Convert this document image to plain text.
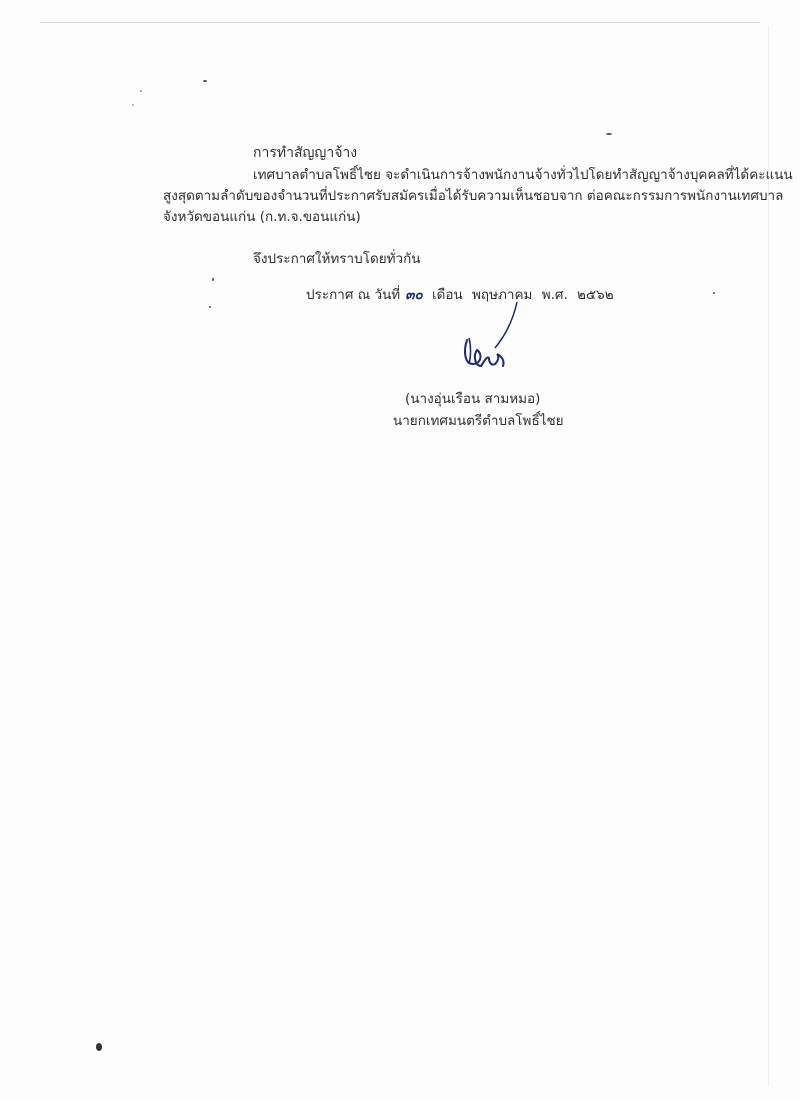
การทำสัญญาจ้าง
เทศบาลตำบลโพธิ์ไชย จะดำเนินการจ้างพนักงานจ้างทั่วไปโดยทำสัญญาจ้างบุคคลที่ได้คะแนน
สูงสุดตามลำดับของจำนวนที่ประกาศรับสมัครเมื่อได้รับความเห็นชอบจาก ต่อคณะกรรมการพนักงานเทศบาล
จังหวัดขอนแก่น (ก.ท.จ.ขอนแก่น)
จึงประกาศให้ทราบโดยทั่วกัน
ประกาศ ณ วันที่ ๓๐ เดือน พฤษภาคม พ.ศ. ๒๕๖๒
(นางอุ่นเรือน สามหมอ)
นายกเทศมนตรีตำบลโพธิ์ไชย
